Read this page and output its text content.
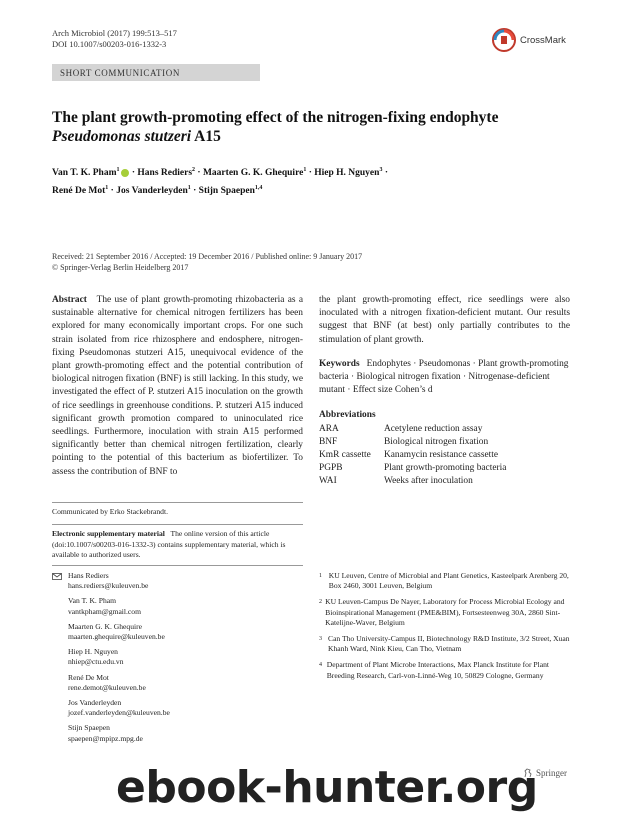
Arch Microbiol (2017) 199:513–517
DOI 10.1007/s00203-016-1332-3	CrossMark
SHORT COMMUNICATION
The plant growth-promoting effect of the nitrogen-fixing endophyte Pseudomonas stutzeri A15
Van T. K. Pham$^1$ · Hans Rediers$^2$ · Maarten G. K. Ghequire$^1$ · Hiep H. Nguyen$^3$ ·
René De Mot$^1$ · Jos Vanderleyden$^1$ · Stijn Spaepen$^{1,4}$
Received: 21 September 2016 / Accepted: 19 December 2016 / Published online: 9 January 2017
© Springer-Verlag Berlin Heidelberg 2017
Abstract The use of plant growth-promoting rhizobacteria as a sustainable alternative for chemical nitrogen fertilizers has been explored for many economically important crops. For one such strain isolated from rice rhizosphere and endosphere, nitrogen-fixing Pseudomonas stutzeri A15, unequivocal evidence of the plant growth-promoting effect and the potential contribution of biological nitrogen fixation (BNF) is still lacking. In this study, we investigated the effect of P. stutzeri A15 inoculation on the growth of rice seedlings in greenhouse conditions. P. stutzeri A15 induced significant growth promotion compared to uninoculated rice seedlings. Furthermore, inoculation with strain A15 performed significantly better than chemical nitrogen fertilization, clearly pointing to the potential of this bacterium as biofertilizer. To assess the contribution of BNF to
the plant growth-promoting effect, rice seedlings were also inoculated with a nitrogen fixation-deficient mutant. Our results suggest that BNF (at best) only partially contributes to the stimulation of plant growth.
Keywords Endophytes · Pseudomonas · Plant growth-promoting bacteria · Biological nitrogen fixation · Nitrogenase-deficient mutant · Effect size Cohen’s d
Abbreviations
ARA	Acetylene reduction assay
BNF	Biological nitrogen fixation
KmR cassette	Kanamycin resistance cassette
PGPB	Plant growth-promoting bacteria
WAI	Weeks after inoculation
Communicated by Erko Stackebrandt.
Electronic supplementary material The online version of this article (doi:10.1007/s00203-016-1332-3) contains supplementary material, which is available to authorized users.
Hans Rediers
hans.rediers@kuleuven.be
Van T. K. Pham
vantkpham@gmail.com
Maarten G. K. Ghequire
maarten.ghequire@kuleuven.be
Hiep H. Nguyen
nhiep@ctu.edu.vn
René De Mot
rene.demot@kuleuven.be
Jos Vanderleyden
jozef.vanderleyden@kuleuven.be
Stijn Spaepen
spaepen@mpipz.mpg.de
1 KU Leuven, Centre of Microbial and Plant Genetics, Kasteelpark Arenberg 20, Box 2460, 3001 Leuven, Belgium
2 KU Leuven-Campus De Nayer, Laboratory for Process Microbial Ecology and Bioinspirational Management (PME&BIM), Fortsesteenweg 30A, 2860 Sint-Katelijne-Waver, Belgium
3 Can Tho University-Campus II, Biotechnology R&D Institute, 3/2 Street, Xuan Khanh Ward, Nink Kieu, Can Tho, Vietnam
4 Department of Plant Microbe Interactions, Max Planck Institute for Plant Breeding Research, Carl-von-Linné-Weg 10, 50829 Cologne, Germany
Springer
ebook-hunter.org
